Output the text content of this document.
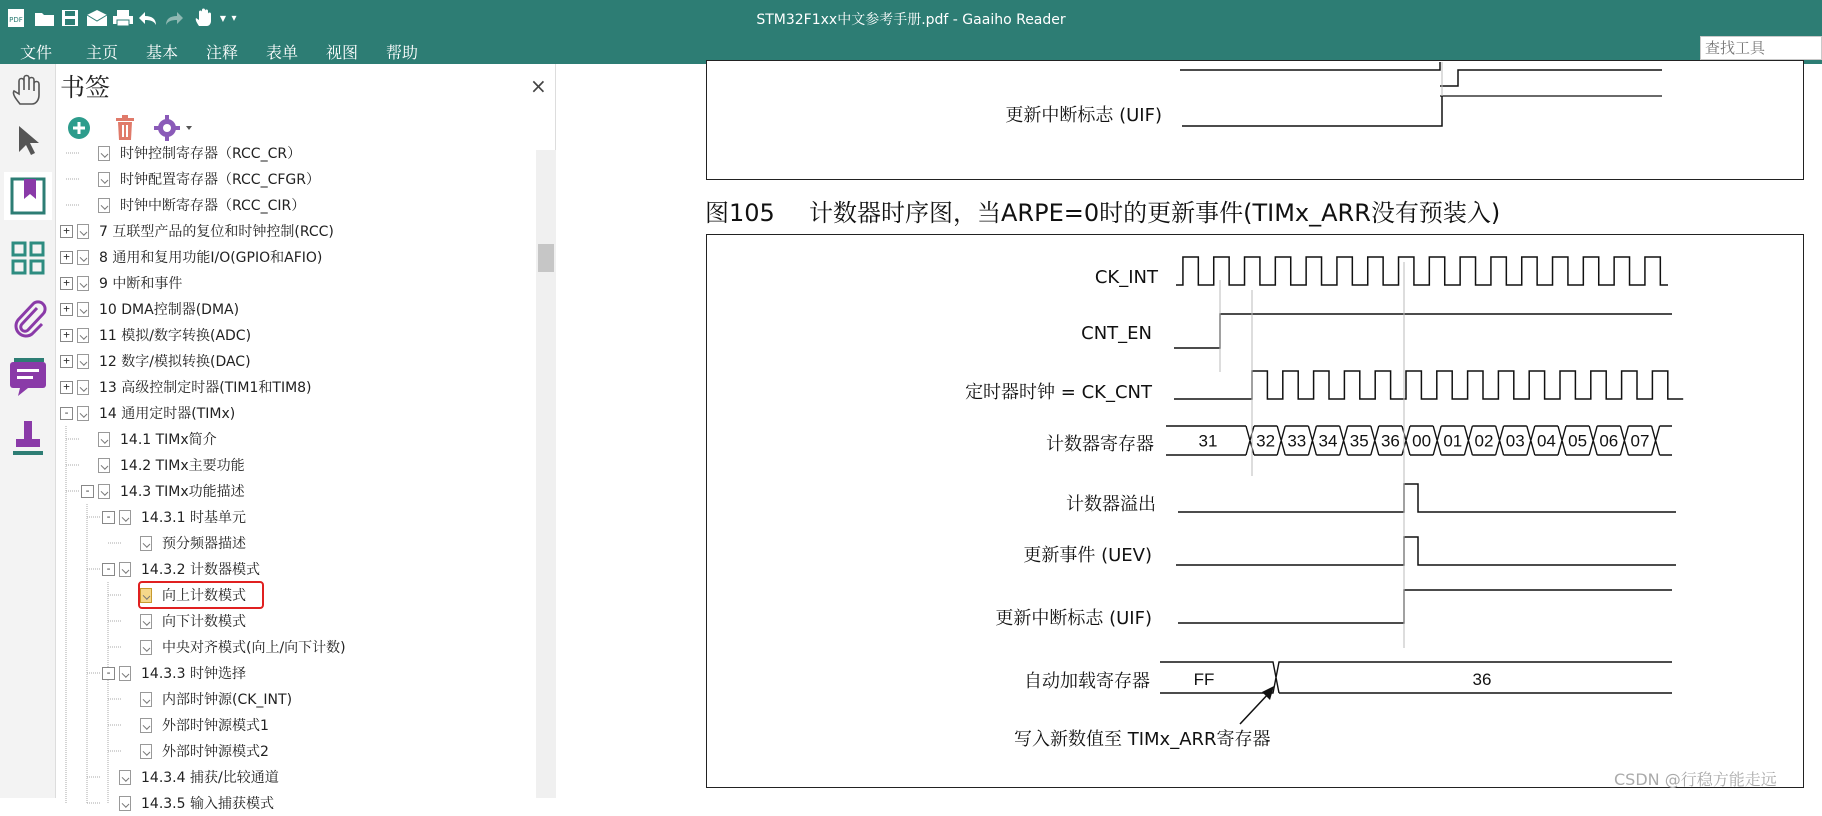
PDF	▼ ▾	STM32F1xx中文参考手册.pdf - Gaaiho Reader
文件 主页 基本 注释 表单 视图 帮助
查找工具
书签	×
时钟控制寄存器（RCC_CR）
时钟配置寄存器（RCC_CFGR）
时钟中断寄存器（RCC_CIR）
+ 7 互联型产品的复位和时钟控制(RCC)
+ 8 通用和复用功能I/O(GPIO和AFIO)
+ 9 中断和事件
+ 10 DMA控制器(DMA)
+ 11 模拟/数字转换(ADC)
+ 12 数字/模拟转换(DAC)
+ 13 高级控制定时器(TIM1和TIM8)
- 14 通用定时器(TIMx)
14.1 TIMx简介
14.2 TIMx主要功能
- 14.3 TIMx功能描述
- 14.3.1 时基单元
预分频器描述
- 14.3.2 计数器模式
向上计数模式
向下计数模式
中央对齐模式(向上/向下计数)
- 14.3.3 时钟选择
内部时钟源(CK_INT)
外部时钟源模式1
外部时钟源模式2
14.3.4 捕获/比较通道
14.3.5 输入捕获模式
图105 计数器时序图，当ARPE=0时的更新事件(TIMx_ARR没有预装入)
更新中断标志 (UIF)
CK_INT
CNT_EN
定时器时钟 = CK_CNT
计数器寄存器
计数器溢出
更新事件 (UEV)
更新中断标志 (UIF)
自动加载寄存器
写入新数值至 TIMx_ARR寄存器
31 32 33 34 35 36 00 01 02 03 04 05 06 07
FF	36
CSDN @行稳方能走远
